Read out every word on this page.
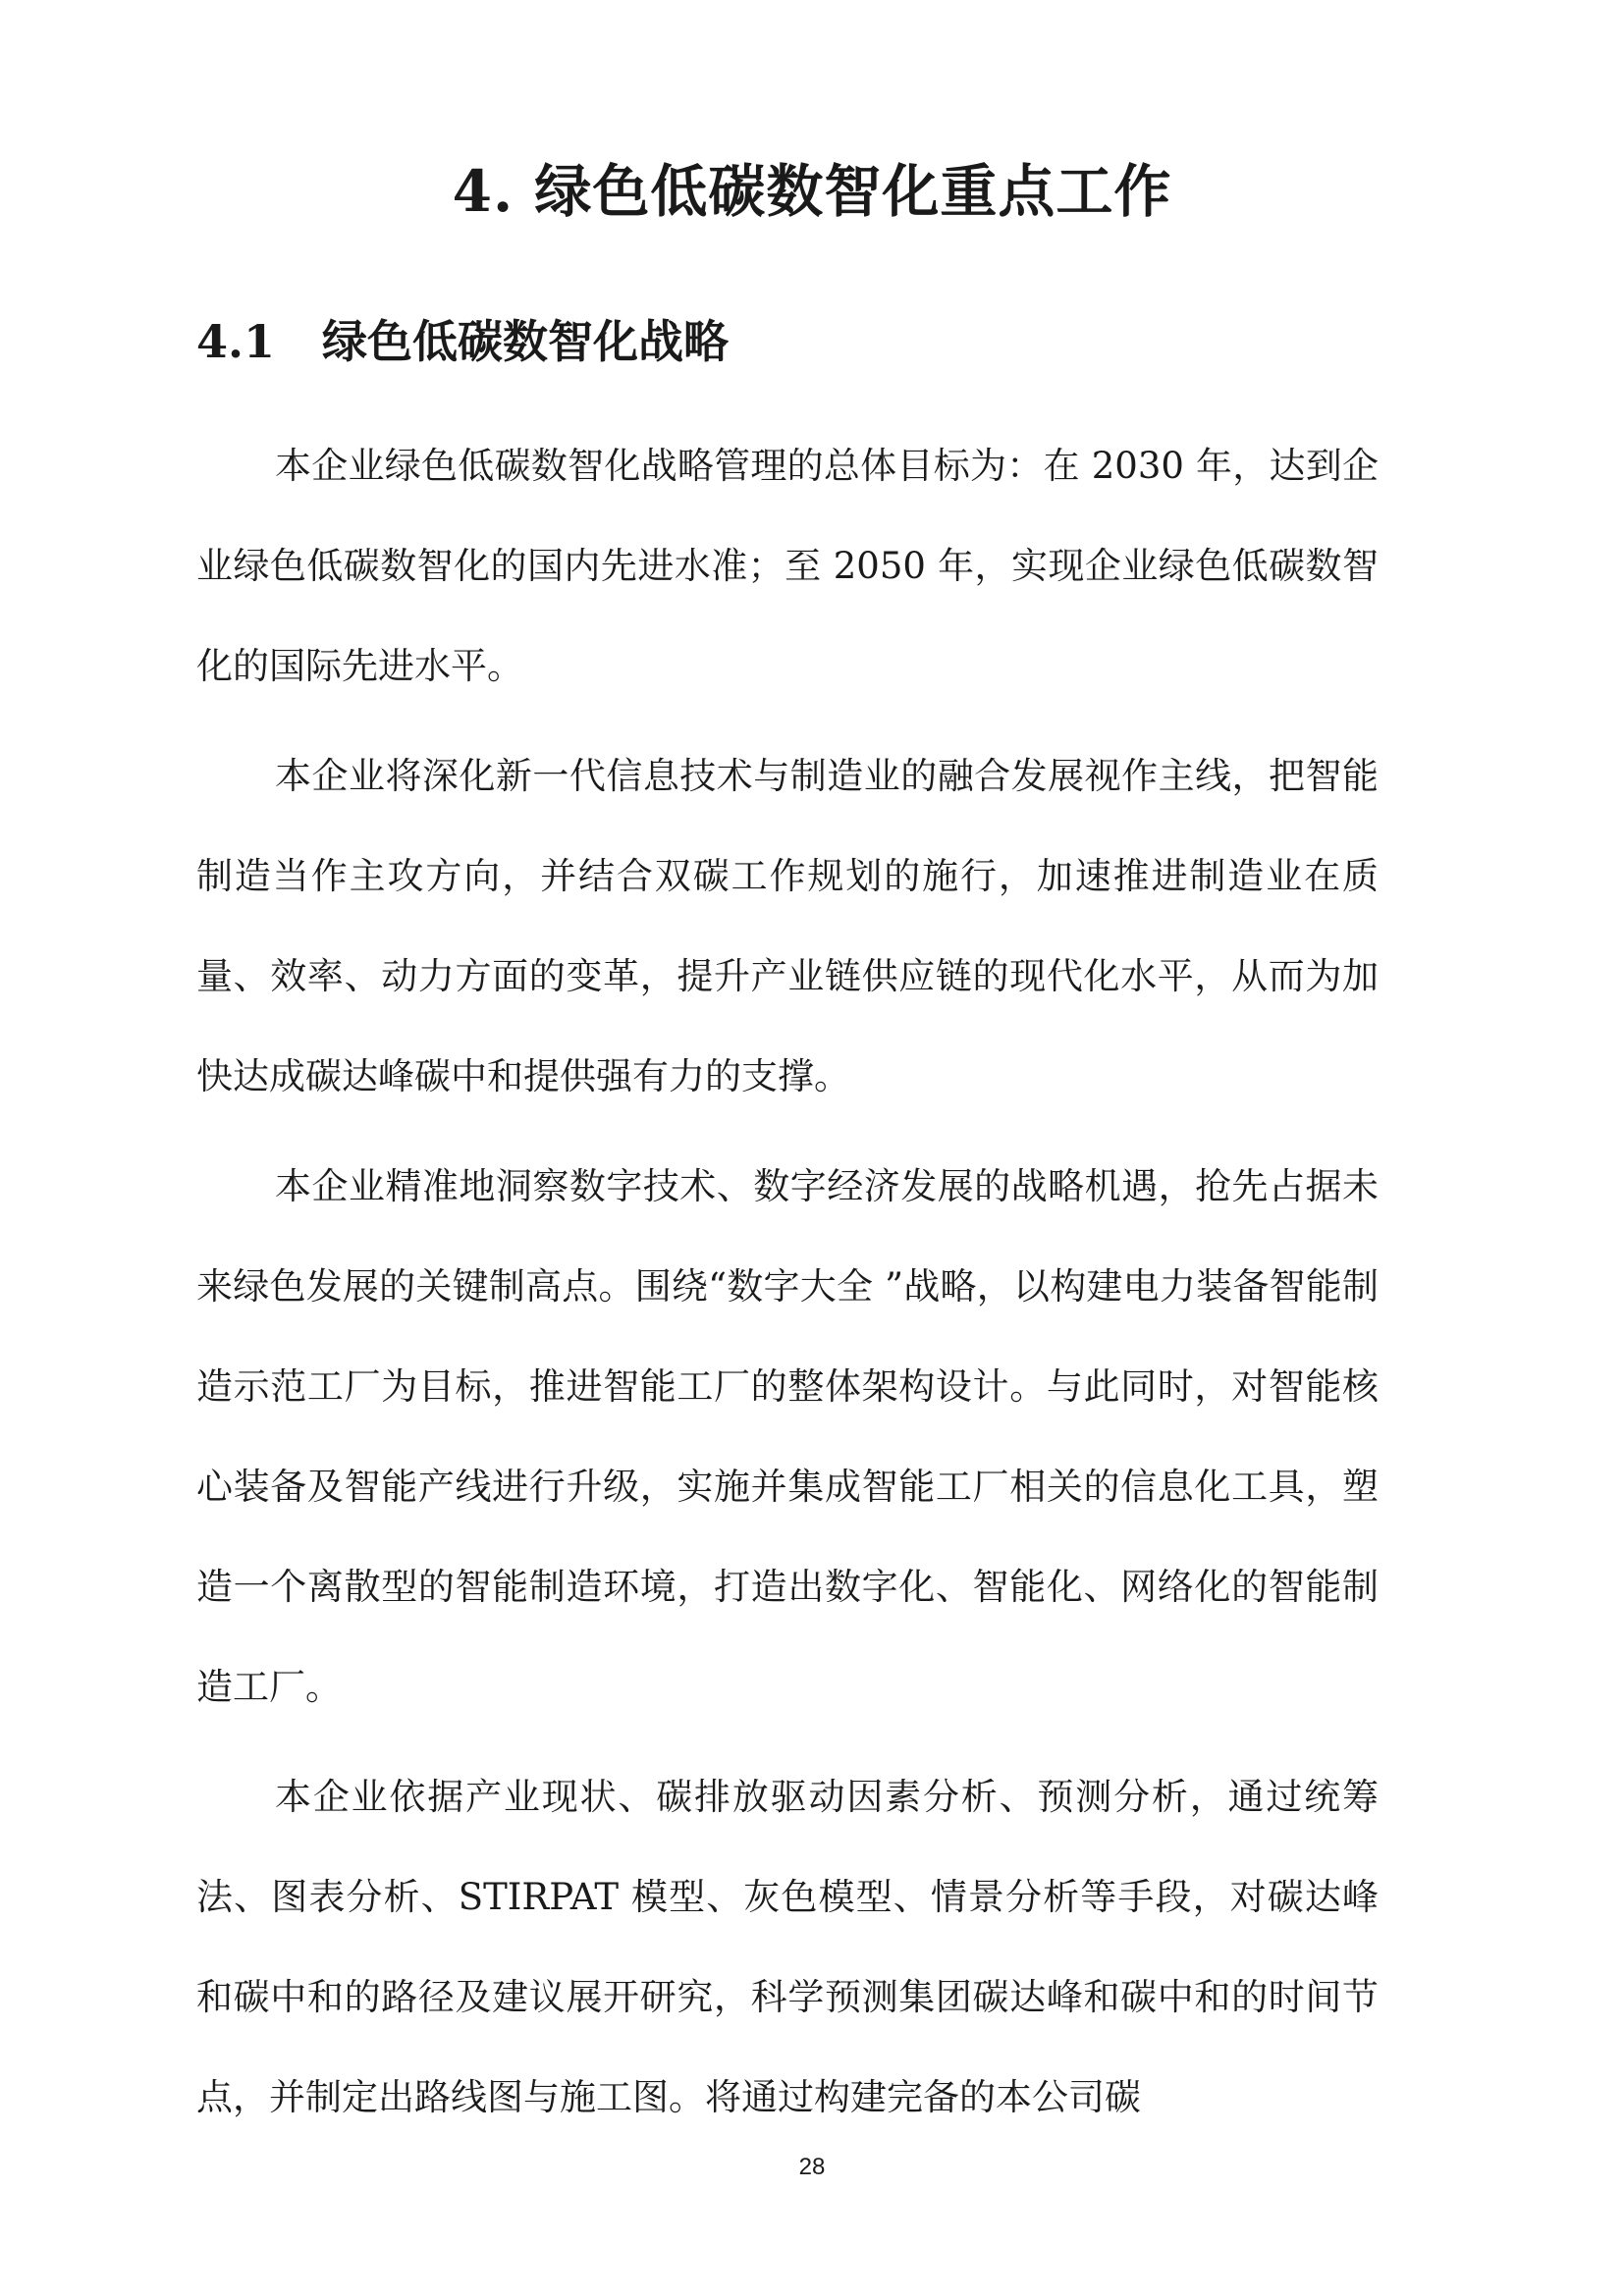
4. 绿色低碳数智化重点工作
4.1 绿色低碳数智化战略

本企业绿色低碳数智化战略管理的总体目标为：在 2030 年，达到企业绿色低碳数智化的国内先进水准；至 2050 年，实现企业绿色低碳数智化的国际先进水平。

本企业将深化新一代信息技术与制造业的融合发展视作主线，把智能制造当作主攻方向，并结合双碳工作规划的施行，加速推进制造业在质量、效率、动力方面的变革，提升产业链供应链的现代化水平，从而为加快达成碳达峰碳中和提供强有力的支撑。

本企业精准地洞察数字技术、数字经济发展的战略机遇，抢先占据未来绿色发展的关键制高点。围绕“数字大全 ”战略，以构建电力装备智能制造示范工厂为目标，推进智能工厂的整体架构设计。与此同时，对智能核心装备及智能产线进行升级，实施并集成智能工厂相关的信息化工具，塑造一个离散型的智能制造环境，打造出数字化、智能化、网络化的智能制造工厂。

本企业依据产业现状、碳排放驱动因素分析、预测分析，通过统筹法、图表分析、STIRPAT 模型、灰色模型、情景分析等手段，对碳达峰和碳中和的路径及建议展开研究，科学预测集团碳达峰和碳中和的时间节点，并制定出路线图与施工图。将通过构建完备的本公司碳

28
